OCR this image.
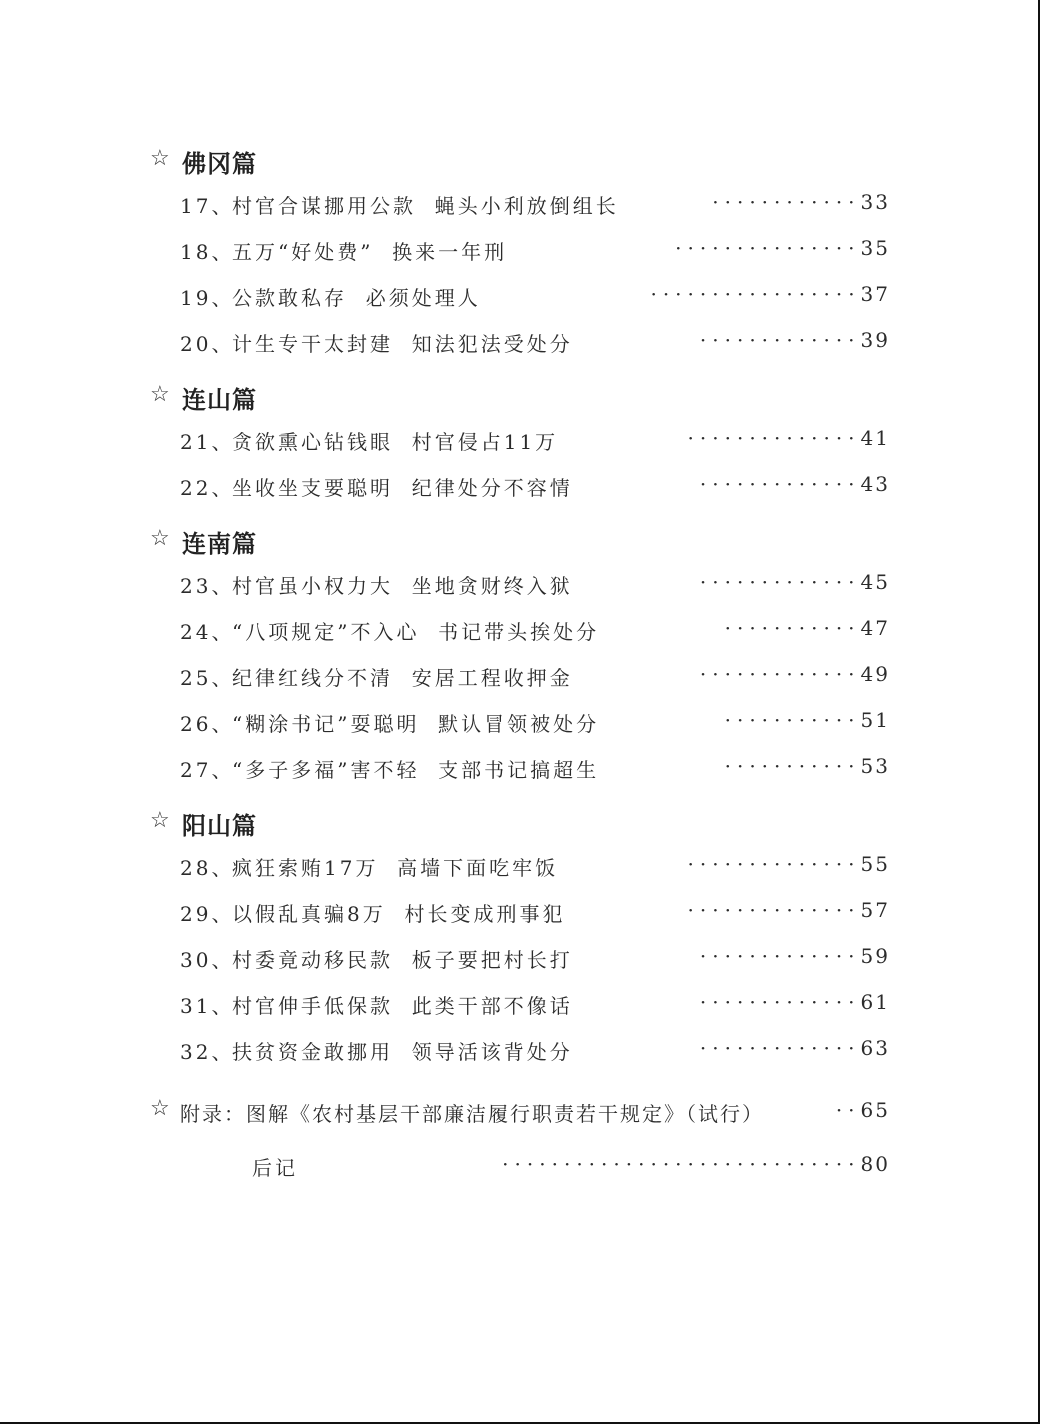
☆ 佛冈篇
17、
村官合谋挪用公款  蝇头小利放倒组长	············ 33
18、
五万“好处费”  换来一年刑	··············· 35
19、
公款敢私存  必须处理人	················· 37
20、
计生专干太封建  知法犯法受处分	············· 39
☆ 连山篇
21、
贪欲熏心钻钱眼  村官侵占11万	·············· 41
22、
坐收坐支要聪明  纪律处分不容情	············· 43
☆ 连南篇
23、
村官虽小权力大  坐地贪财终入狱	············· 45
24、
“八项规定”不入心  书记带头挨处分	··········· 47
25、
纪律红线分不清  安居工程收押金	············· 49
26、
“糊涂书记”耍聪明  默认冒领被处分	··········· 51
27、
“多子多福”害不轻  支部书记搞超生	··········· 53
☆ 阳山篇
28、
疯狂索贿17万  高墙下面吃牢饭	·············· 55
29、
以假乱真骗8万  村长变成刑事犯	·············· 57
30、
村委竟动移民款  板子要把村长打	············· 59
31、
村官伸手低保款  此类干部不像话	············· 61
32、
扶贫资金敢挪用  领导活该背处分	············· 63
☆ 附录：图解《农村基层干部廉洁履行职责若干规定》（试行）	··65
后记	·····························80
